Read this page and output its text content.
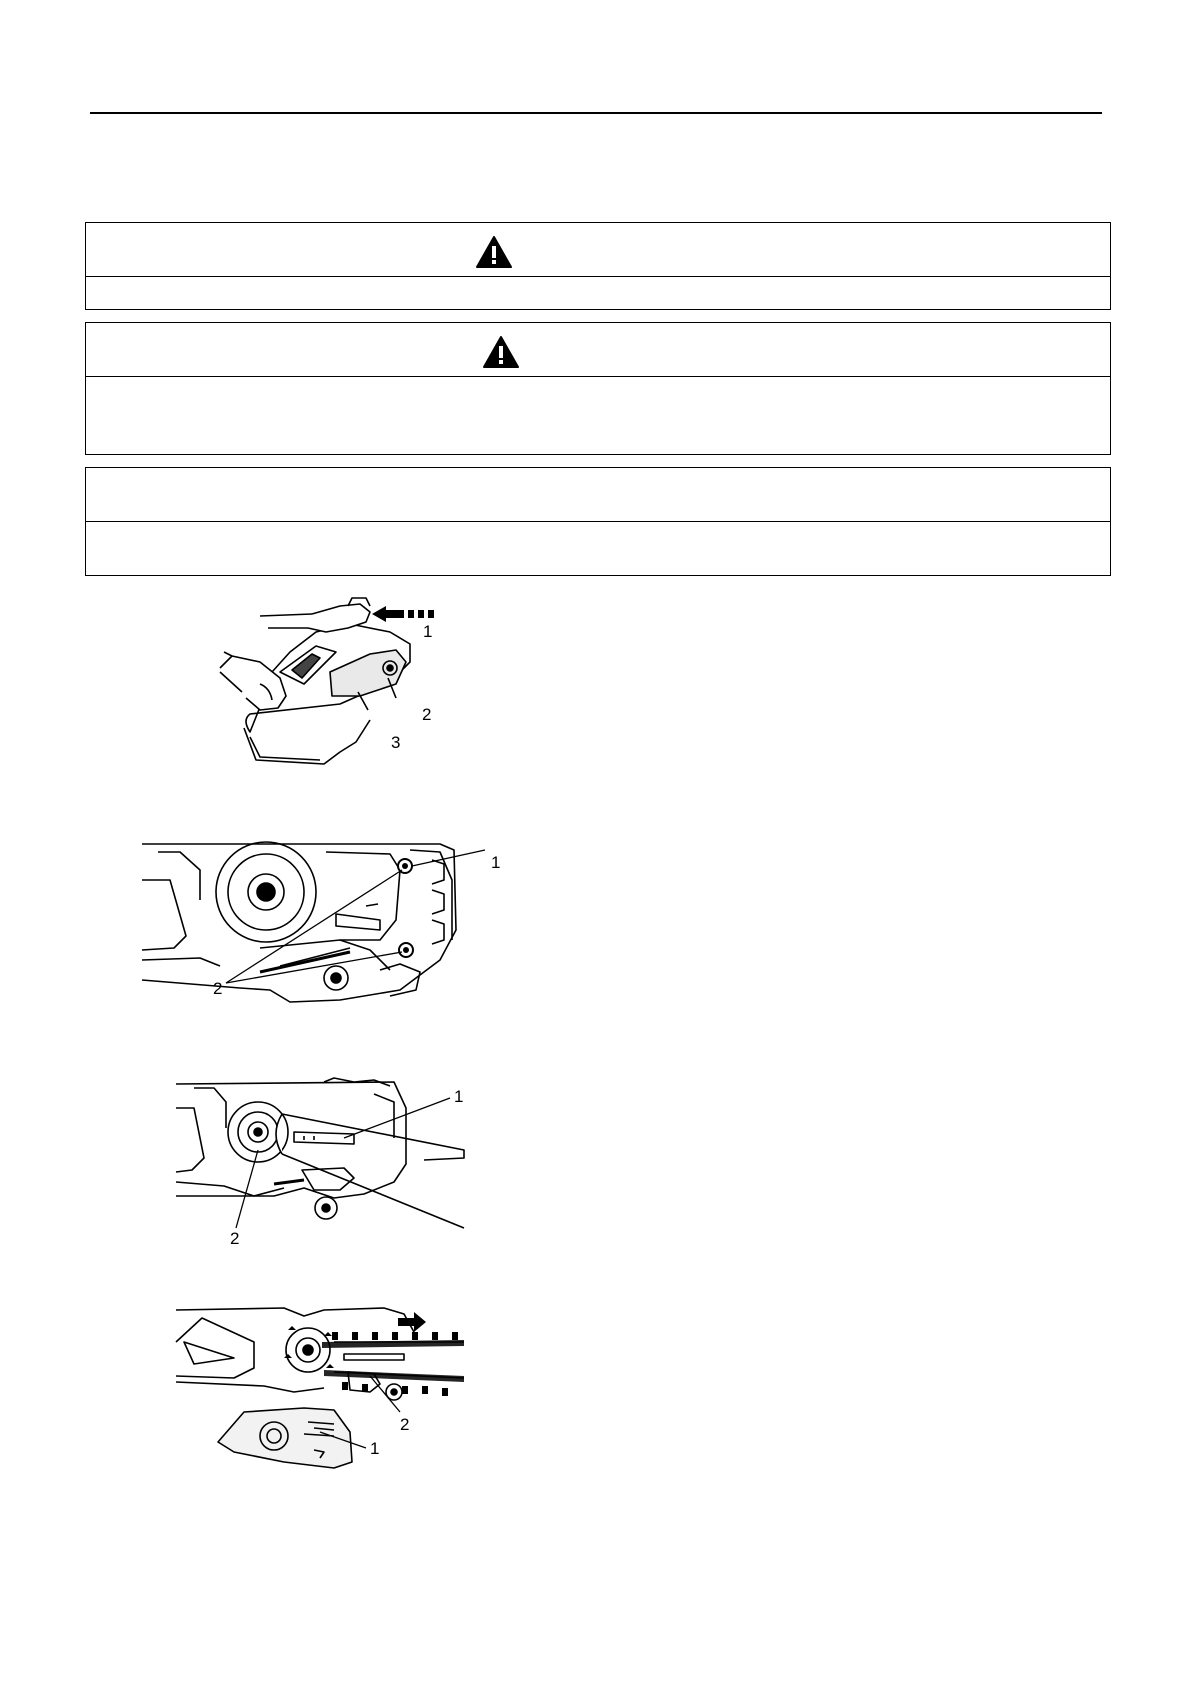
1
2
3
1
2
1
2
2
1
